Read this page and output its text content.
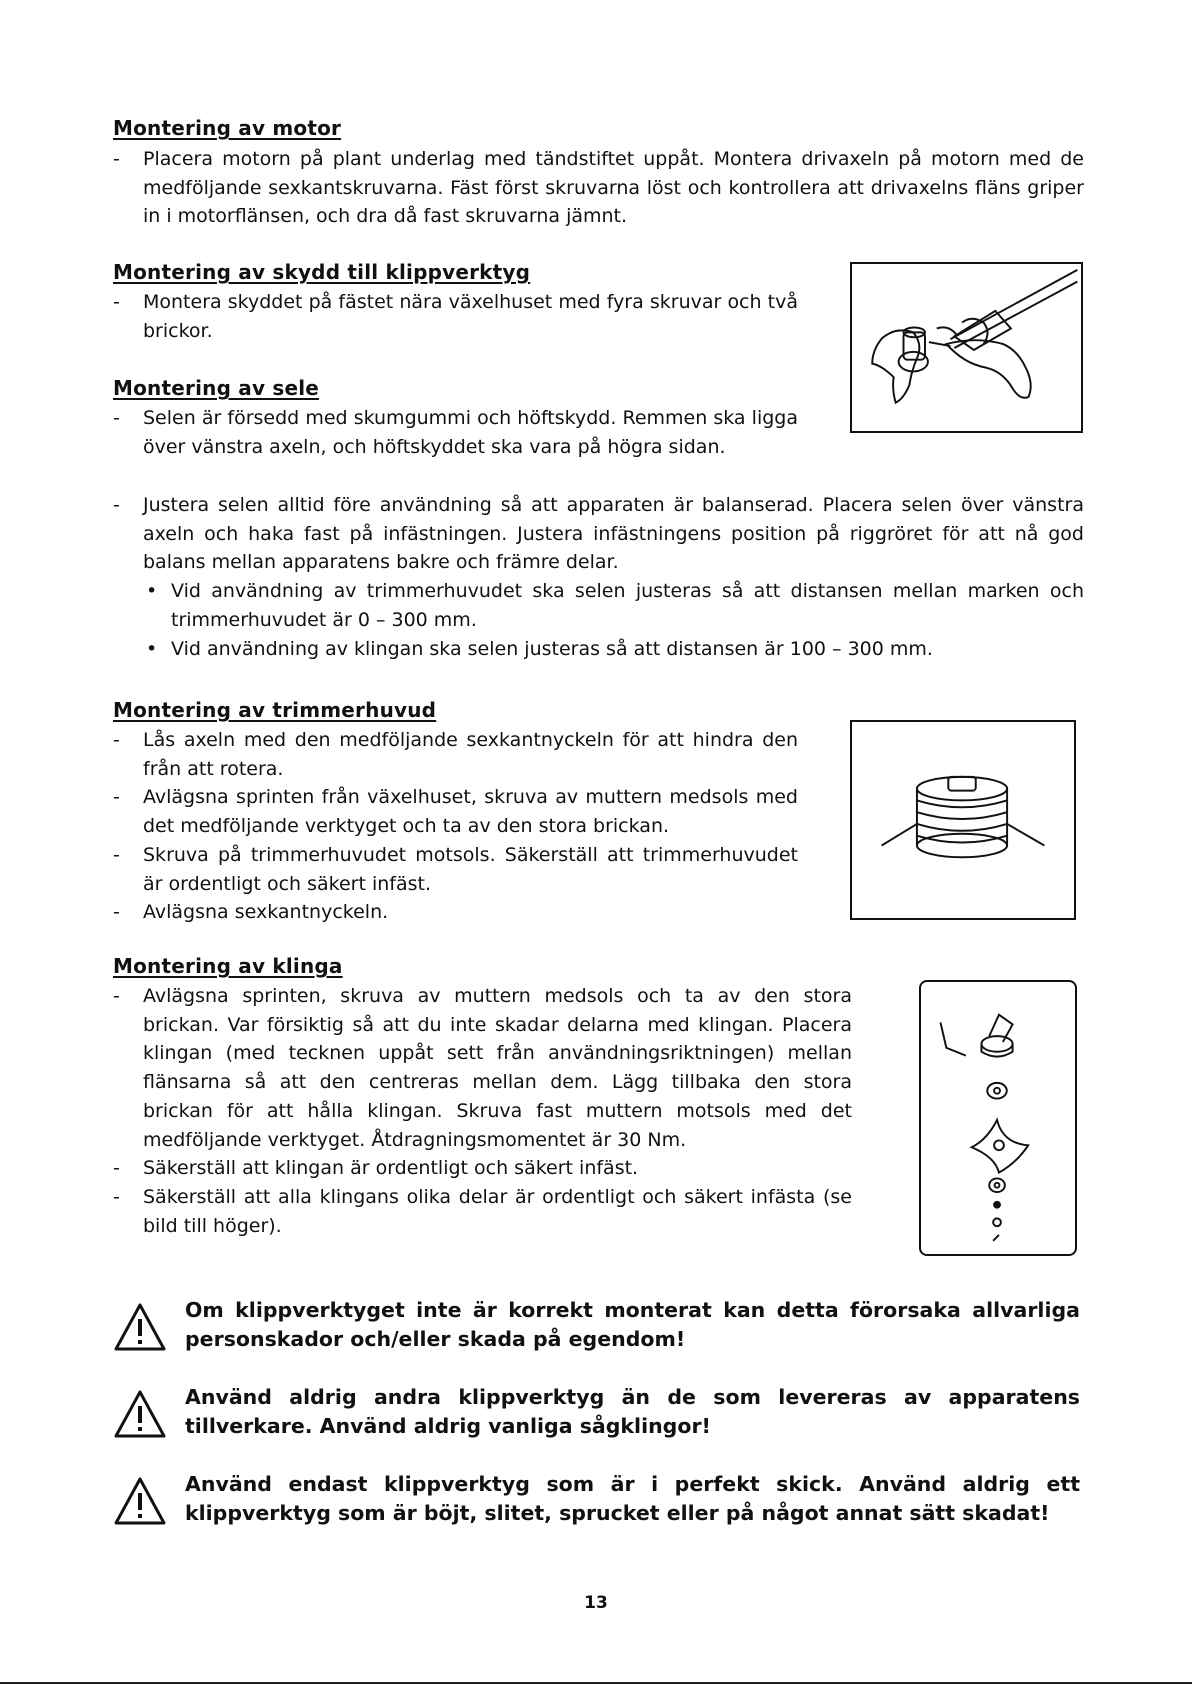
Montering av motor
- Placera motorn på plant underlag med tändstiftet uppåt. Montera drivaxeln på motorn med de medföljande sexkantskruvarna. Fäst först skruvarna löst och kontrollera att drivaxelns fläns griper in i motorflänsen, och dra då fast skruvarna jämnt.
Montering av skydd till klippverktyg
- Montera skyddet på fästet nära växelhuset med fyra skruvar och två brickor.
Montering av sele
- Selen är försedd med skumgummi och höftskydd. Remmen ska ligga över vänstra axeln, och höftskyddet ska vara på högra sidan.
- Justera selen alltid före användning så att apparaten är balanserad. Placera selen över vänstra axeln och haka fast på infästningen. Justera infästningens position på riggröret för att nå god balans mellan apparatens bakre och främre delar.
• Vid användning av trimmerhuvudet ska selen justeras så att distansen mellan marken och trimmerhuvudet är 0 – 300 mm.
• Vid användning av klingan ska selen justeras så att distansen är 100 – 300 mm.
Montering av trimmerhuvud
- Lås axeln med den medföljande sexkantnyckeln för att hindra den från att rotera.
- Avlägsna sprinten från växelhuset, skruva av muttern medsols med det medföljande verktyget och ta av den stora brickan.
- Skruva på trimmerhuvudet motsols. Säkerställ att trimmerhuvudet är ordentligt och säkert infäst.
- Avlägsna sexkantnyckeln.
Montering av klinga
- Avlägsna sprinten, skruva av muttern medsols och ta av den stora brickan. Var försiktig så att du inte skadar delarna med klingan. Placera klingan (med tecknen uppåt sett från användningsriktningen) mellan flänsarna så att den centreras mellan dem. Lägg tillbaka den stora brickan för att hålla klingan. Skruva fast muttern motsols med det medföljande verktyget. Åtdragningsmomentet är 30 Nm.
- Säkerställ att klingan är ordentligt och säkert infäst.
- Säkerställ att alla klingans olika delar är ordentligt och säkert infästa (se bild till höger).
Om klippverktyget inte är korrekt monterat kan detta förorsaka allvarliga personskador och/eller skada på egendom!
Använd aldrig andra klippverktyg än de som levereras av apparatens tillverkare. Använd aldrig vanliga sågklingor!
Använd endast klippverktyg som är i perfekt skick. Använd aldrig ett klippverktyg som är böjt, slitet, sprucket eller på något annat sätt skadat!
13
